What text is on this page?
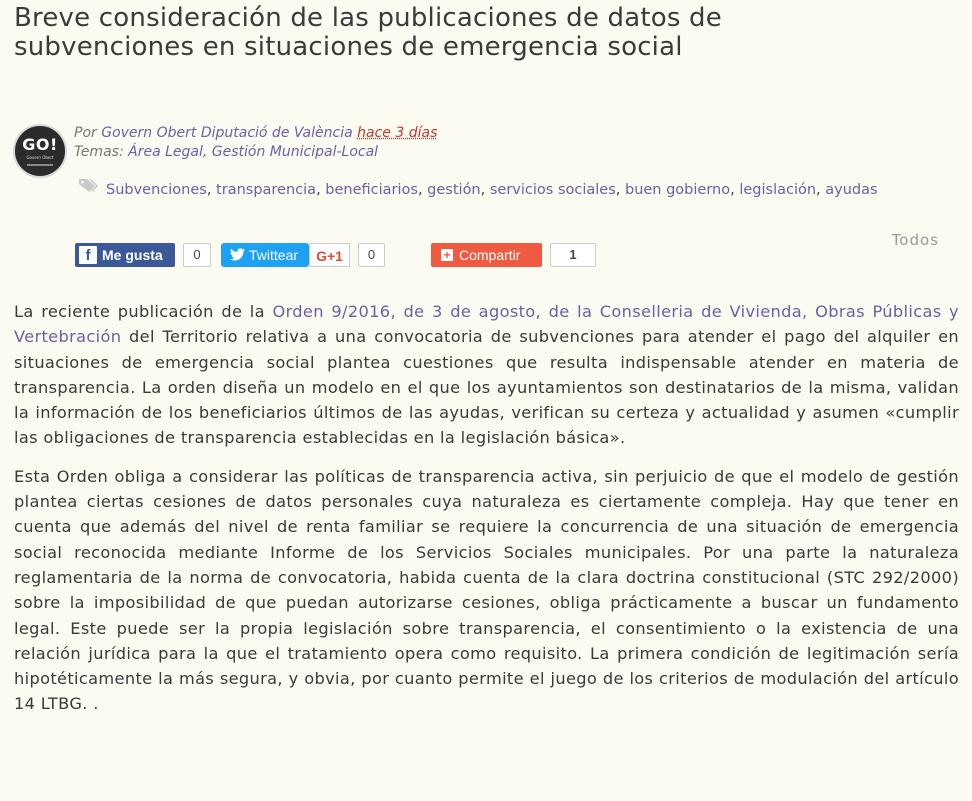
Breve consideración de las publicaciones de datos de subvenciones en situaciones de emergencia social
GO!
Govern Obert
Por Govern Obert Diputació de València hace 3 días
Temas: Área Legal, Gestión Municipal-Local
Subvenciones, transparencia, beneficiarios, gestión, servicios sociales, buen gobierno, legislación, ayudas
f Me gusta	0	Twittear	G+1	0	+ Compartir	1
Todos

La reciente publicación de la Orden 9/2016, de 3 de agosto, de la Conselleria de Vivienda, Obras Públicas y Vertebración del Territorio relativa a una convocatoria de subvenciones para atender el pago del alquiler en situaciones de emergencia social plantea cuestiones que resulta indispensable atender en materia de transparencia. La orden diseña un modelo en el que los ayuntamientos son destinatarios de la misma, validan la información de los beneficiarios últimos de las ayudas, verifican su certeza y actualidad y asumen «cumplir las obligaciones de transparencia establecidas en la legislación básica».

Esta Orden obliga a considerar las políticas de transparencia activa, sin perjuicio de que el modelo de gestión plantea ciertas cesiones de datos personales cuya naturaleza es ciertamente compleja. Hay que tener en cuenta que además del nivel de renta familiar se requiere la concurrencia de una situación de emergencia social reconocida mediante Informe de los Servicios Sociales municipales. Por una parte la naturaleza reglamentaria de la norma de convocatoria, habida cuenta de la clara doctrina constitucional (STC 292/2000) sobre la imposibilidad de que puedan autorizarse cesiones, obliga prácticamente a buscar un fundamento legal. Este puede ser la propia legislación sobre transparencia, el consentimiento o la existencia de una relación jurídica para la que el tratamiento opera como requisito. La primera condición de legitimación sería hipotéticamente la más segura, y obvia, por cuanto permite el juego de los criterios de modulación del artículo 14 LTBG. .
